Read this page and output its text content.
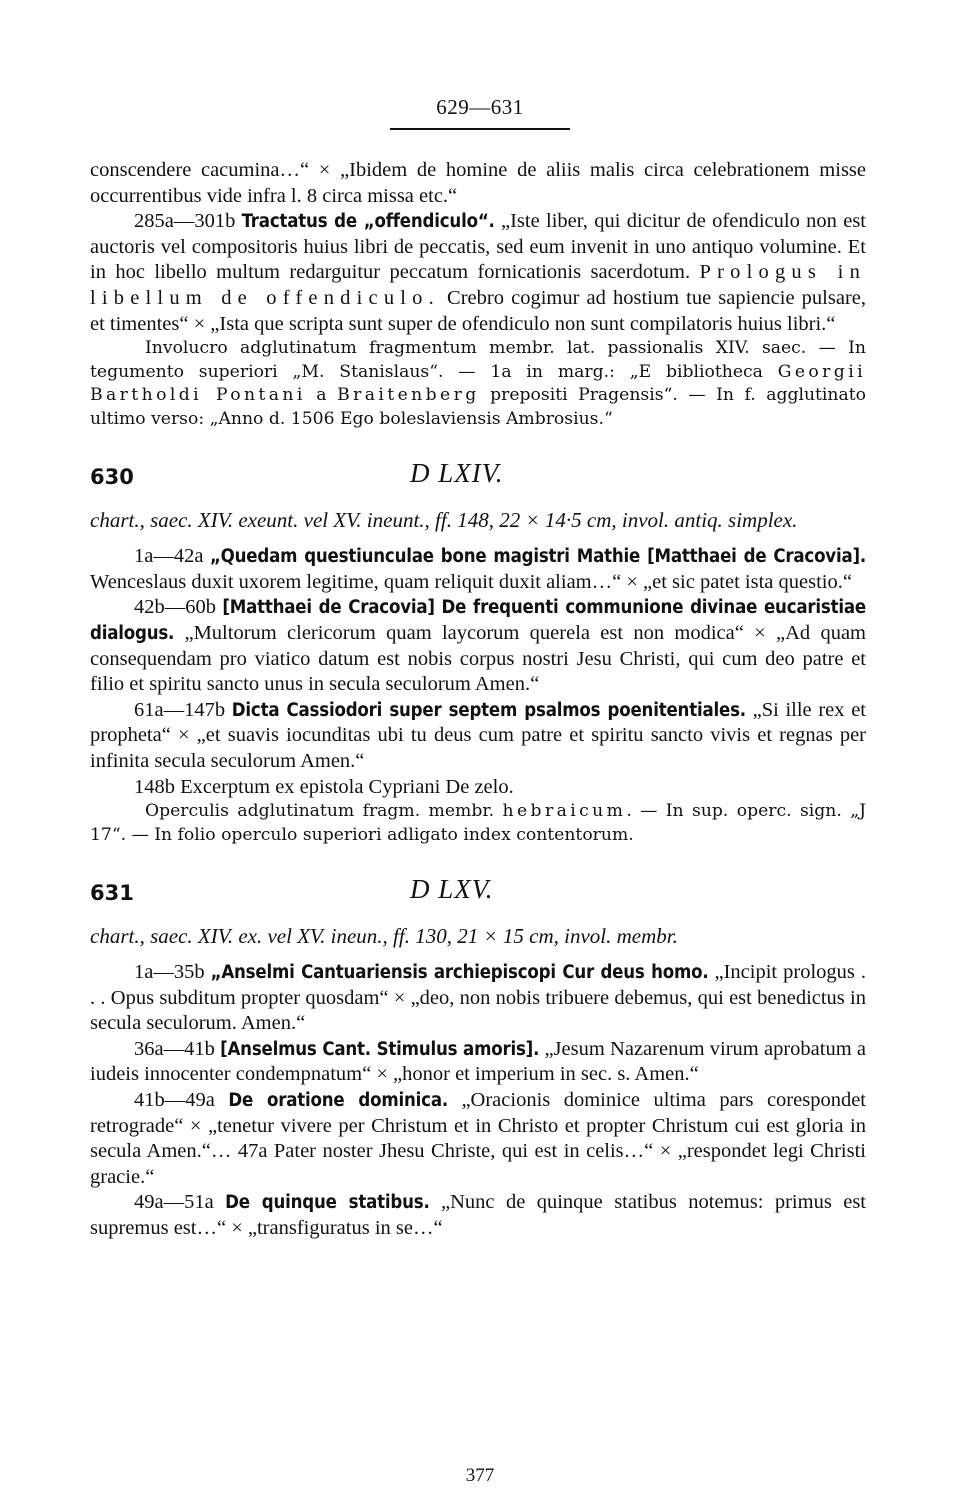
629—631

conscendere cacumina…“ × „Ibidem de homine de aliis malis circa celebrationem misse occurrentibus vide infra l. 8 circa missa etc.“

285a—301b Tractatus de „offendiculo“. „Iste liber, qui dicitur de ofendiculo non est auctoris vel compositoris huius libri de peccatis, sed eum invenit in uno antiquo volumine. Et in hoc libello multum redarguitur peccatum fornicationis sacerdotum. Prologus in libellum de offendiculo. Crebro cogimur ad hostium tue sapiencie pulsare, et timentes“ × „Ista que scripta sunt super de ofendiculo non sunt compilatoris huius libri.“

Involucro adglutinatum fragmentum membr. lat. passionalis XIV. saec. — In tegumento superiori „M. Stanislaus“. — 1a in marg.: „E bibliotheca Georgii Bartholdi Pontani a Braitenberg prepositi Pragensis“. — In f. agglutinato ultimo verso: „Anno d. 1506 Ego boleslaviensis Ambrosius.“

630	D LXIV.

chart., saec. XIV. exeunt. vel XV. ineunt., ff. 148, 22 × 14·5 cm, invol. antiq. simplex.

1a—42a „Quedam questiunculae bone magistri Mathie [Matthaei de Cracovia]. Wenceslaus duxit uxorem legitime, quam reliquit duxit aliam…“ × „et sic patet ista questio.“

42b—60b [Matthaei de Cracovia] De frequenti communione divinae eucaristiae dialogus. „Multorum clericorum quam laycorum querela est non modica“ × „Ad quam consequendam pro viatico datum est nobis corpus nostri Jesu Christi, qui cum deo patre et filio et spiritu sancto unus in secula seculorum Amen.“

61a—147b Dicta Cassiodori super septem psalmos poenitentiales. „Si ille rex et propheta“ × „et suavis iocunditas ubi tu deus cum patre et spiritu sancto vivis et regnas per infinita secula seculorum Amen.“

148b Excerptum ex epistola Cypriani De zelo.

Operculis adglutinatum fragm. membr. hebraicum. — In sup. operc. sign. „J 17“. — In folio operculo superiori adligato index contentorum.

631	D LXV.

chart., saec. XIV. ex. vel XV. ineun., ff. 130, 21 × 15 cm, invol. membr.

1a—35b „Anselmi Cantuariensis archiepiscopi Cur deus homo. „Incipit prologus . . . Opus subditum propter quosdam“ × „deo, non nobis tribuere debemus, qui est benedictus in secula seculorum. Amen.“

36a—41b [Anselmus Cant. Stimulus amoris]. „Jesum Nazarenum virum aprobatum a iudeis innocenter condempnatum“ × „honor et imperium in sec. s. Amen.“

41b—49a De oratione dominica. „Oracionis dominice ultima pars corespondet retrograde“ × „tenetur vivere per Christum et in Christo et propter Christum cui est gloria in secula Amen.“… 47a Pater noster Jhesu Christe, qui est in celis…“ × „respondet legi Christi gracie.“

49a—51a De quinque statibus. „Nunc de quinque statibus notemus: primus est supremus est…“ × „transfiguratus in se…“

377
